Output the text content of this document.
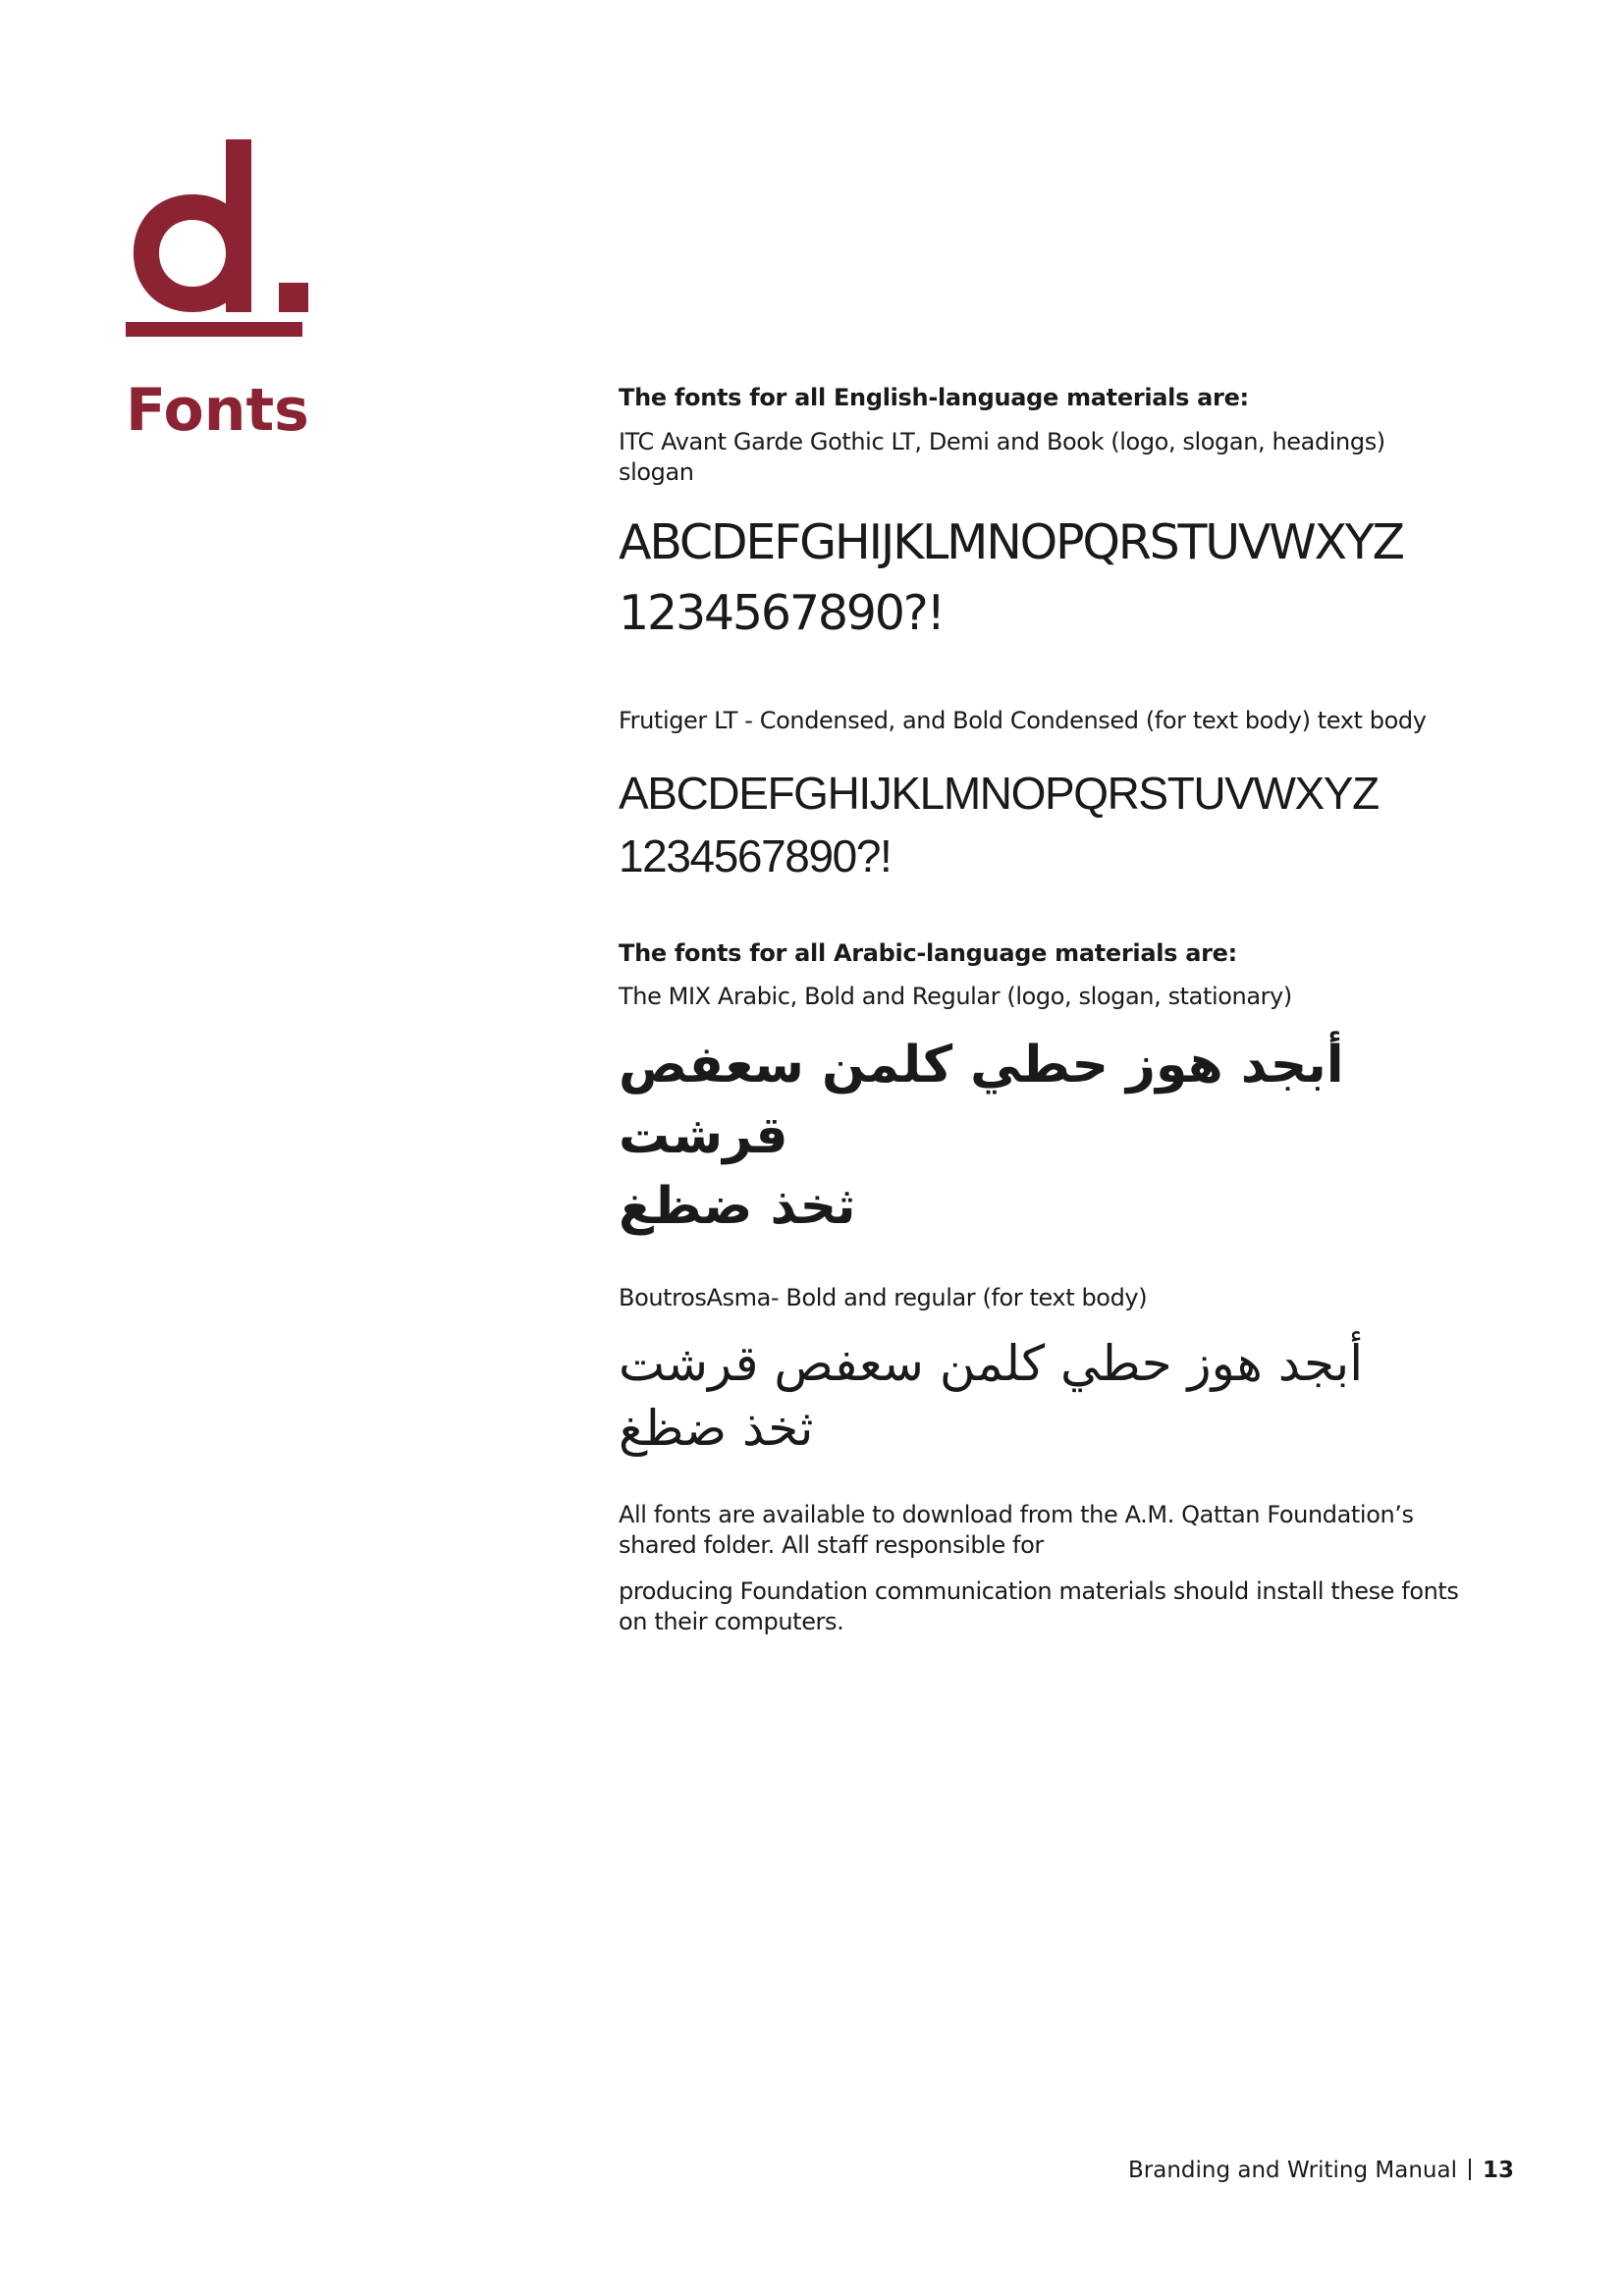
Fonts	The fonts for all English-language materials are:

ITC Avant Garde Gothic LT, Demi and Book (logo, slogan, headings)
slogan

ABCDEFGHIJKLMNOPQRSTUVWXYZ

1234567890?!

Frutiger LT - Condensed, and Bold Condensed (for text body) text body

ABCDEFGHIJKLMNOPQRSTUVWXYZ

1234567890?!

The fonts for all Arabic-language materials are:

The MIX Arabic, Bold and Regular (logo, slogan, stationary)

أبجد هوز حطي كلمن سعفص قرشت

ثخذ ضظغ

BoutrosAsma- Bold and regular (for text body)

أبجد هوز حطي كلمن سعفص قرشت

ثخذ ضظغ

All fonts are available to download from the A.M. Qattan Foundation’s
shared folder. All staff responsible for

producing Foundation communication materials should install these fonts
on their computers.

Branding and Writing Manual 13
